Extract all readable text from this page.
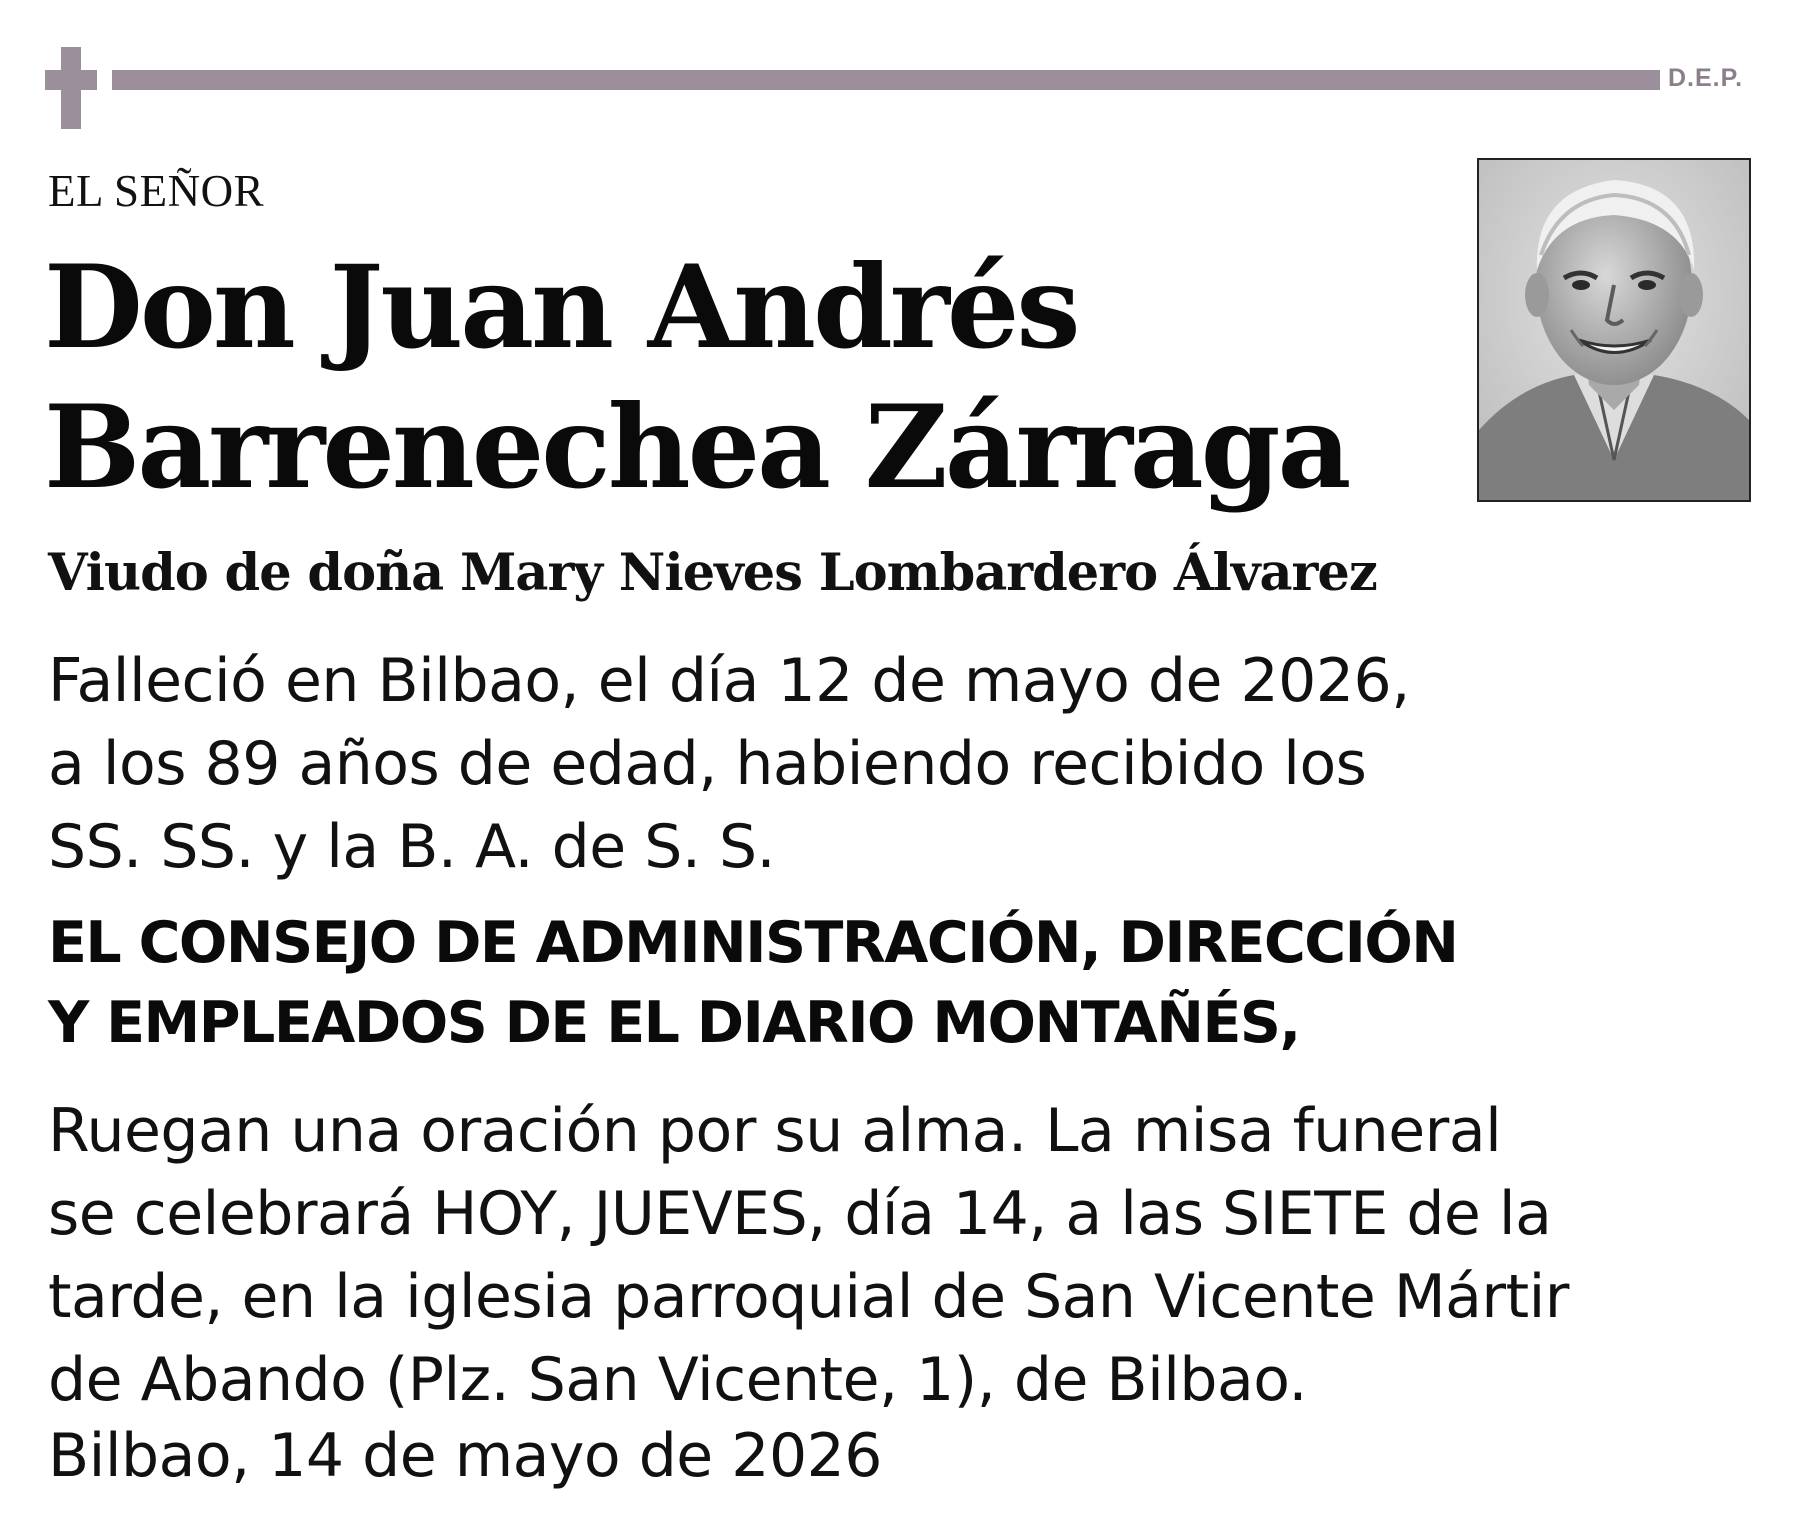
D.E.P.
EL SEÑOR
Don Juan Andrés
Barrenechea Zárraga
Viudo de doña Mary Nieves Lombardero Álvarez

Falleció en Bilbao, el día 12 de mayo de 2026,
a los 89 años de edad, habiendo recibido los
SS. SS. y la B. A. de S. S.

EL CONSEJO DE ADMINISTRACIÓN, DIRECCIÓN
Y EMPLEADOS DE EL DIARIO MONTAÑÉS,

Ruegan una oración por su alma. La misa funeral
se celebrará HOY, JUEVES, día 14, a las SIETE de la
tarde, en la iglesia parroquial de San Vicente Mártir
de Abando (Plz. San Vicente, 1), de Bilbao.

Bilbao, 14 de mayo de 2026
